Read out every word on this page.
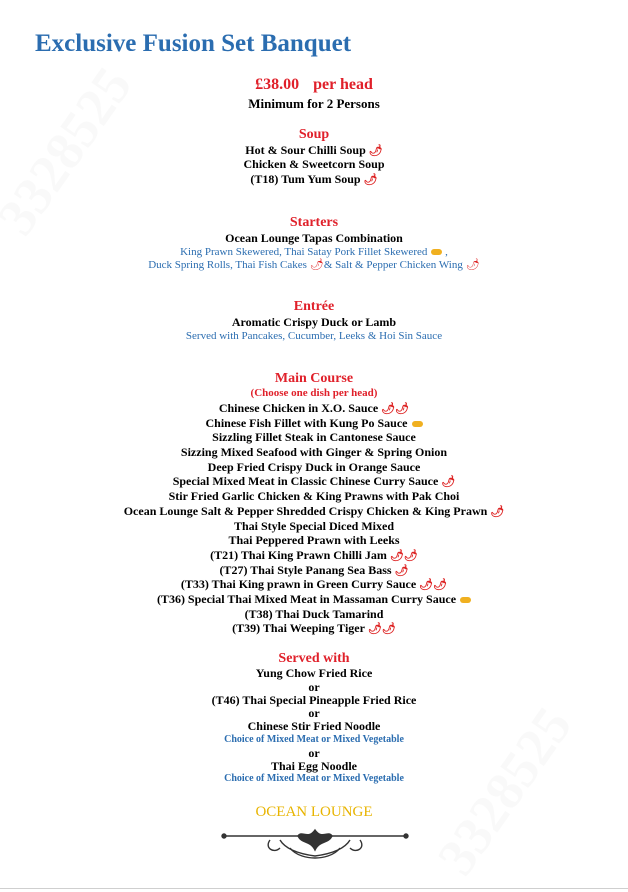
Exclusive Fusion Set Banquet
£38.00 per head
Minimum for 2 Persons
Soup
Hot & Sour Chilli Soup 🌶
Chicken & Sweetcorn Soup
(T18) Tum Yum Soup 🌶
Starters
Ocean Lounge Tapas Combination
King Prawn Skewered, Thai Satay Pork Fillet Skewered ,
Duck Spring Rolls, Thai Fish Cakes 🌶& Salt & Pepper Chicken Wing 🌶
Entrée
Aromatic Crispy Duck or Lamb
Served with Pancakes, Cucumber, Leeks & Hoi Sin Sauce
Main Course
(Choose one dish per head)
Chinese Chicken in X.O. Sauce 🌶🌶
Chinese Fish Fillet with Kung Po Sauce
Sizzling Fillet Steak in Cantonese Sauce
Sizzing Mixed Seafood with Ginger & Spring Onion
Deep Fried Crispy Duck in Orange Sauce
Special Mixed Meat in Classic Chinese Curry Sauce 🌶
Stir Fried Garlic Chicken & King Prawns with Pak Choi
Ocean Lounge Salt & Pepper Shredded Crispy Chicken & King Prawn 🌶
Thai Style Special Diced Mixed
Thai Peppered Prawn with Leeks
(T21) Thai King Prawn Chilli Jam 🌶🌶
(T27) Thai Style Panang Sea Bass 🌶
(T33) Thai King prawn in Green Curry Sauce 🌶🌶
(T36) Special Thai Mixed Meat in Massaman Curry Sauce
(T38) Thai Duck Tamarind
(T39) Thai Weeping Tiger 🌶🌶
Served with
Yung Chow Fried Rice
or
(T46) Thai Special Pineapple Fried Rice
or
Chinese Stir Fried Noodle
Choice of Mixed Meat or Mixed Vegetable
or
Thai Egg Noodle
Choice of Mixed Meat or Mixed Vegetable
OCEAN LOUNGE
